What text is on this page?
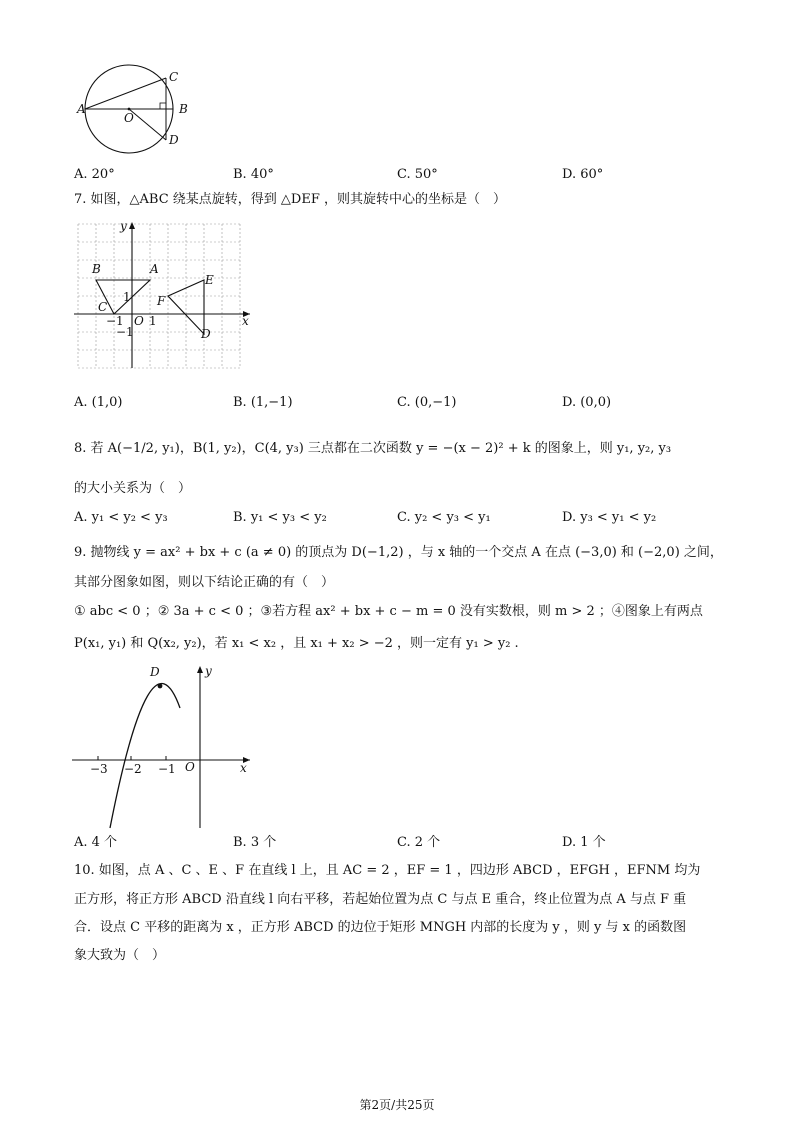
A
C
B
O
D
A. 20°	B. 40°	C. 50°	D. 60°
7. 如图，△ABC 绕某点旋转，得到 △DEF ，则其旋转中心的坐标是（　）
y
B	A
E
F
C
1
x
−1 O 1
−1	D
A. (1,0)	B. (1,−1)	C. (0,−1)	D. (0,0)
8. 若 A(−1/2, y₁)，B(1, y₂)，C(4, y₃) 三点都在二次函数 y = −(x − 2)² + k 的图象上，则 y₁, y₂, y₃
的大小关系为（　）
A. y₁ < y₂ < y₃	B. y₁ < y₃ < y₂	C. y₂ < y₃ < y₁	D. y₃ < y₁ < y₂
9. 抛物线 y = ax² + bx + c (a ≠ 0) 的顶点为 D(−1,2) ，与 x 轴的一个交点 A 在点 (−3,0) 和 (−2,0) 之间，
其部分图象如图，则以下结论正确的有（　）
① abc < 0 ；② 3a + c < 0 ；③若方程 ax² + bx + c − m = 0 没有实数根，则 m > 2 ；④图象上有两点
P(x₁, y₁) 和 Q(x₂, y₂)，若 x₁ < x₂ ，且 x₁ + x₂ > −2 ，则一定有 y₁ > y₂ .
D	y
−3 −2 −1 O	x
A. 4 个	B. 3 个	C. 2 个	D. 1 个
10. 如图，点 A 、C 、E 、F 在直线 l 上，且 AC = 2 ，EF = 1 ，四边形 ABCD ，EFGH ，EFNM 均为
正方形，将正方形 ABCD 沿直线 l 向右平移，若起始位置为点 C 与点 E 重合，终止位置为点 A 与点 F 重
合．设点 C 平移的距离为 x ，正方形 ABCD 的边位于矩形 MNGH 内部的长度为 y ，则 y 与 x 的函数图
象大致为（　）
第2页/共25页
